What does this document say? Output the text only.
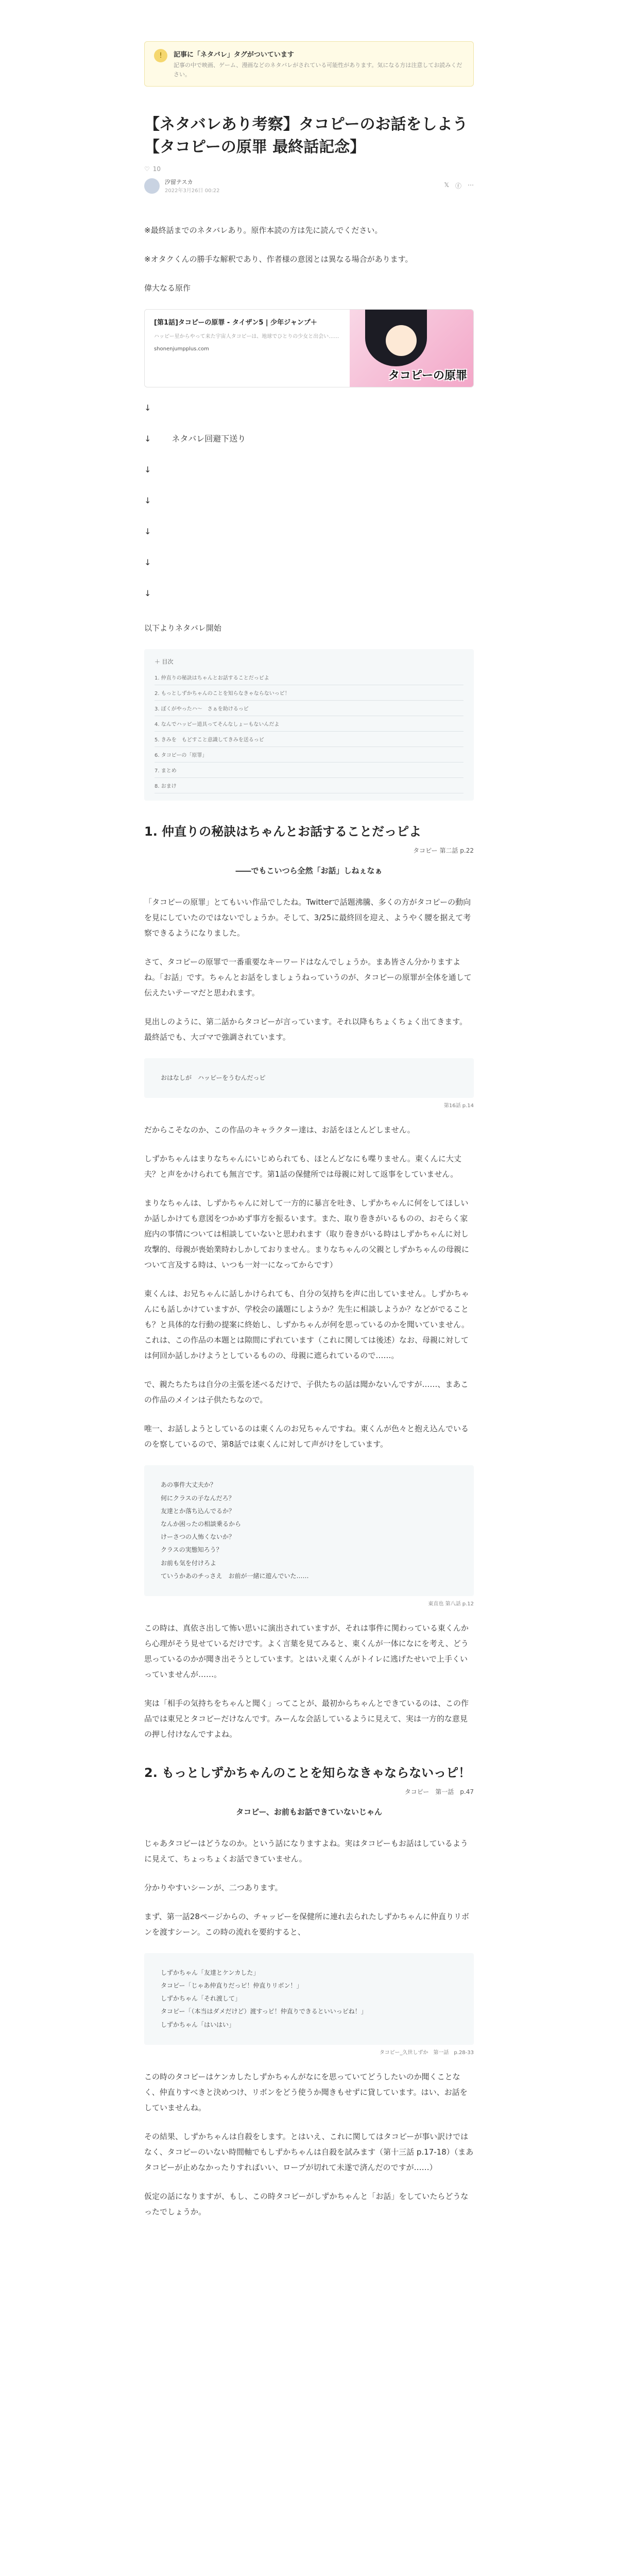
!	記事に「ネタバレ」タグがついています
記事の中で映画、ゲーム、漫画などのネタバレがされている可能性があります。気になる方は注意してお読みください。
【ネタバレあり考察】タコピーのお話をしよう【タコピーの原罪 最終話記念】
♡ 10
汐留テスカ
2022年3月26日 00:22
𝕏 ⓕ ⋯

※最終話までのネタバレあり。原作本読の方は先に読んでください。

※オタクくんの勝手な解釈であり、作者様の意図とは異なる場合があります。

偉大なる原作

[第1話]タコピーの原罪 - タイザン5 | 少年ジャンプ＋
ハッピー星からやって来た宇宙人タコピーは、地球でひとりの少女と出会い……
shonenjumpplus.com
タコピーの原罪
↓
↓	ネタバレ回避下送り
↓
↓
↓
↓
↓

以下よりネタバレ開始

＋ 目次
1. 仲直りの秘訣はちゃんとお話することだっピよ
2. もっとしずかちゃんのことを知らなきゃならないっピ！
3. ぼくがやったハ～　さぁを助けるっピ
4. なんでハッピー道具ってそんなしょーもないんだよ
5. きみを　もどすこと意識してきみを送るっピ
6. タコピーの「原罪」
7. まとめ
8. おまけ
1. 仲直りの秘訣はちゃんとお話することだっピよ
タコピー 第二話 p.22
――でもこいつら全然「お話」しねぇなぁ

「タコピーの原罪」とてもいい作品でしたね。Twitterで話題沸騰、多くの方がタコピーの動向を見にしていたのではないでしょうか。そして、3/25に最終回を迎え、ようやく腰を据えて考察できるようになりました。

さて、タコピーの原罪で一番重要なキーワードはなんでしょうか。まあ皆さん分かりますよね。「お話」です。ちゃんとお話をしましょうねっていうのが、タコピーの原罪が全体を通して伝えたいテーマだと思われます。

見出しのように、第二話からタコピーが言っています。それ以降もちょくちょく出てきます。最終話でも、大ゴマで強調されています。

おはなしが　ハッピーをうむんだっピ
第16話 p.14

だからこそなのか、この作品のキャラクター達は、お話をほとんどしません。

しずかちゃんはまりなちゃんにいじめられても、ほとんどなにも喋りません。東くんに大丈夫？と声をかけられても無言です。第1話の保健所では母親に対して返事をしていません。

まりなちゃんは、しずかちゃんに対して一方的に暴言を吐き、しずかちゃんに何をしてほしいか話しかけても意図をつかめず事方を振るいます。また、取り巻きがいるものの、おそらく家庭内の事情については相談していないと思われます（取り巻きがいる時はしずかちゃんに対し攻撃的、母親が喪始業時わしかしておりません。まりなちゃんの父親としずかちゃんの母親について言及する時は、いつも一対一になってからです）

東くんは、お兄ちゃんに話しかけられても、自分の気持ちを声に出していません。しずかちゃんにも話しかけていますが、学校会の議題にしようか？先生に相談しようか？などがでることも？と具体的な行動の提案に終始し、しずかちゃんが何を思っているのかを聞いていません。これは、この作品の本題とは隙間にずれています（これに関しては後述）なお、母親に対しては何回か話しかけようとしているものの、母親に遮られているので……。

で、親たちたちは自分の主張を述べるだけで、子供たちの話は聞かないんですが……、まあこの作品のメインは子供たちなので。

唯一、お話しようとしているのは東くんのお兄ちゃんですね。東くんが色々と抱え込んでいるのを察しているので、第8話では東くんに対して声がけをしています。

あの事件大丈夫か？
何にクラスの子なんだろ？
友達とか落ち込んでるか？
なんか困ったの相談乗るから
けーさつの人怖くないか？
クラスの実態知ろう？
お前も気を付けろよ
ていうかあのチっさえ　お前が一緒に遊んでいた……
東直也 第八話 p.12

この時は、真依さ出して怖い思いに演出されていますが、それは事件に関わっている東くんから心理がそう見せているだけです。よく言葉を見てみると、東くんが一体になにを考え、どう思っているのかが聞き出そうとしています。とはいえ東くんがトイレに逃げたせいで上手くいっていませんが……。

実は「相手の気持ちをちゃんと聞く」ってことが、最初からちゃんとできているのは、この作品では東兄とタコピーだけなんです。みーんな会話しているように見えて、実は一方的な意見の押し付けなんですよね。

2. もっとしずかちゃんのことを知らなきゃならないっピ！
タコピー　第一話　p.47
タコピー、お前もお話できていないじゃん

じゃあタコピーはどうなのか。という話になりますよね。実はタコピーもお話はしているように見えて、ちょっちょくお話できていません。

分かりやすいシーンが、二つあります。

まず、第一話28ページからの、チャッピーを保健所に連れ去られたしずかちゃんに仲直りリボンを渡すシーン。この時の流れを要約すると、

しずかちゃん「友達とケンカした」
タコピー「じゃあ仲直りだっピ！仲直りリボン！」
しずかちゃん「それ渡して」
タコピー「（本当はダメだけど）渡すっピ！仲直りできるといいっピね！」
しずかちゃん「はいはい」
タコピー_久世しずか　第一話　p.28-33

この時のタコピーはケンカしたしずかちゃんがなにを思っていてどうしたいのか聞くことなく、仲直りすべきと決めつけ、リボンをどう使うか聞きもせずに貸しています。はい、お話をしていませんね。

その結果、しずかちゃんは自殺をします。とはいえ、これに関してはタコピーが事い訳けではなく、タコピーのいない時間軸でもしずかちゃんは自殺を試みます（第十三話 p.17-18）（まあタコピーが止めなかったりすればいい、ロープが切れて未遂で済んだのですが……）

仮定の話になりますが、もし、この時タコピーがしずかちゃんと「お話」をしていたらどうなったでしょうか。
